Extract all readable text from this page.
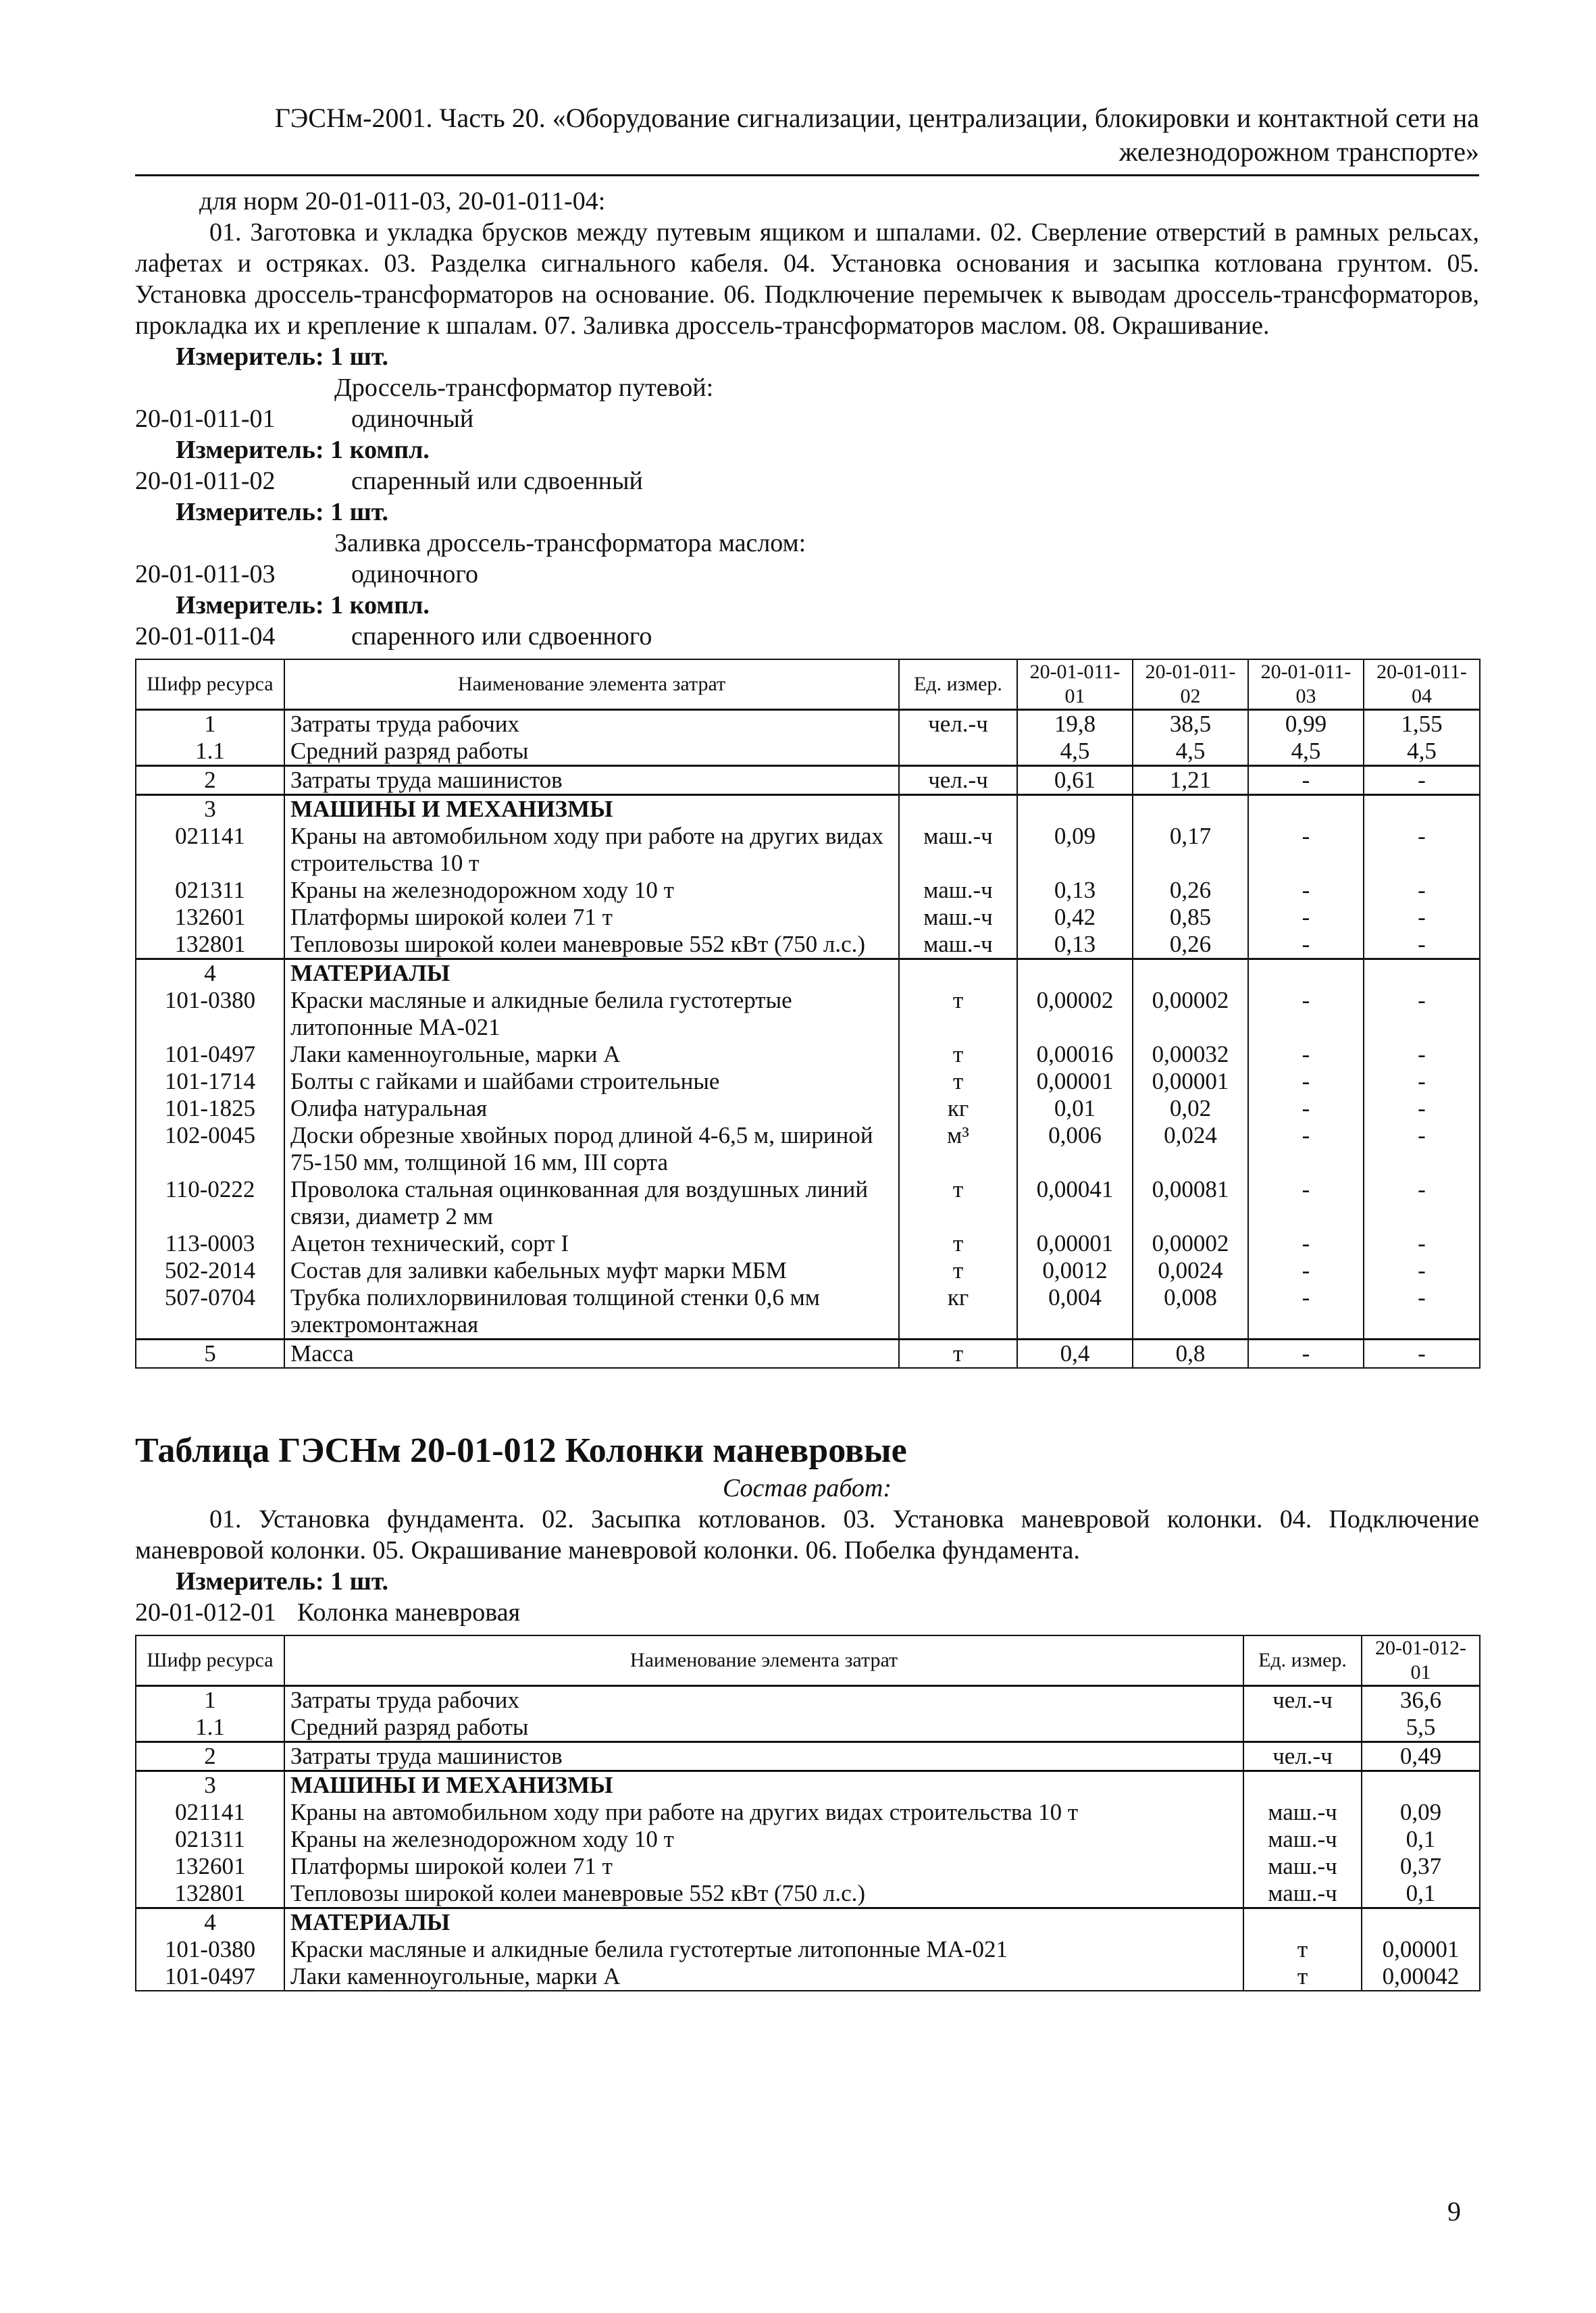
ГЭСНм-2001. Часть 20. «Оборудование сигнализации, централизации, блокировки и контактной сети на
железнодорожном транспорте»

для норм 20-01-011-03, 20-01-011-04:

01. Заготовка и укладка брусков между путевым ящиком и шпалами. 02. Сверление отверстий в рамных рельсах, лафетах и остряках. 03. Разделка сигнального кабеля. 04. Установка основания и засыпка котлована грунтом. 05. Установка дроссель-трансформаторов на основание. 06. Подключение перемычек к выводам дроссель-трансформаторов, прокладка их и крепление к шпалам. 07. Заливка дроссель-трансформаторов маслом. 08. Окрашивание.

Измеритель: 1 шт.

Дроссель-трансформатор путевой:

20-01-011-01	одиночный

Измеритель: 1 компл.

20-01-011-02	спаренный или сдвоенный

Измеритель: 1 шт.

Заливка дроссель-трансформатора маслом:

20-01-011-03	одиночного

Измеритель: 1 компл.

20-01-011-04	спаренного или сдвоенного

Шифр ресурса	Наименование элемента затрат	Ед. измер.	20-01-011-01	20-01-011-02	20-01-011-03	20-01-011-04
1	Затраты труда рабочих	чел.-ч	19,8	38,5	0,99	1,55
1.1	Средний разряд работы		4,5	4,5	4,5	4,5
2	Затраты труда машинистов	чел.-ч	0,61	1,21	-	-
3	МАШИНЫ И МЕХАНИЗМЫ					
021141	Краны на автомобильном ходу при работе на других видах строительства 10 т	маш.-ч	0,09	0,17	-	-
021311	Краны на железнодорожном ходу 10 т	маш.-ч	0,13	0,26	-	-
132601	Платформы широкой колеи 71 т	маш.-ч	0,42	0,85	-	-
132801	Тепловозы широкой колеи маневровые 552 кВт (750 л.с.)	маш.-ч	0,13	0,26	-	-
4	МАТЕРИАЛЫ					
101-0380	Краски масляные и алкидные белила густотертые литопонные МА-021	т	0,00002	0,00002	-	-
101-0497	Лаки каменноугольные, марки А	т	0,00016	0,00032	-	-
101-1714	Болты с гайками и шайбами строительные	т	0,00001	0,00001	-	-
101-1825	Олифа натуральная	кг	0,01	0,02	-	-
102-0045	Доски обрезные хвойных пород длиной 4-6,5 м, шириной 75-150 мм, толщиной 16 мм, III сорта	м³	0,006	0,024	-	-
110-0222	Проволока стальная оцинкованная для воздушных линий связи, диаметр 2 мм	т	0,00041	0,00081	-	-
113-0003	Ацетон технический, сорт I	т	0,00001	0,00002	-	-
502-2014	Состав для заливки кабельных муфт марки МБМ	т	0,0012	0,0024	-	-
507-0704	Трубка полихлорвиниловая толщиной стенки 0,6 мм электромонтажная	кг	0,004	0,008	-	-
5	Масса	т	0,4	0,8	-	-
Таблица ГЭСНм 20-01-012 Колонки маневровые
Состав работ:

01. Установка фундамента. 02. Засыпка котлованов. 03. Установка маневровой колонки. 04. Подключение маневровой колонки. 05. Окрашивание маневровой колонки. 06. Побелка фундамента.

Измеритель: 1 шт.

20-01-012-01 Колонка маневровая

Шифр ресурса	Наименование элемента затрат	Ед. измер.	20-01-012-01
1	Затраты труда рабочих	чел.-ч	36,6
1.1	Средний разряд работы		5,5
2	Затраты труда машинистов	чел.-ч	0,49
3	МАШИНЫ И МЕХАНИЗМЫ		
021141	Краны на автомобильном ходу при работе на других видах строительства 10 т	маш.-ч	0,09
021311	Краны на железнодорожном ходу 10 т	маш.-ч	0,1
132601	Платформы широкой колеи 71 т	маш.-ч	0,37
132801	Тепловозы широкой колеи маневровые 552 кВт (750 л.с.)	маш.-ч	0,1
4	МАТЕРИАЛЫ		
101-0380	Краски масляные и алкидные белила густотертые литопонные МА-021	т	0,00001
101-0497	Лаки каменноугольные, марки А	т	0,00042
9
